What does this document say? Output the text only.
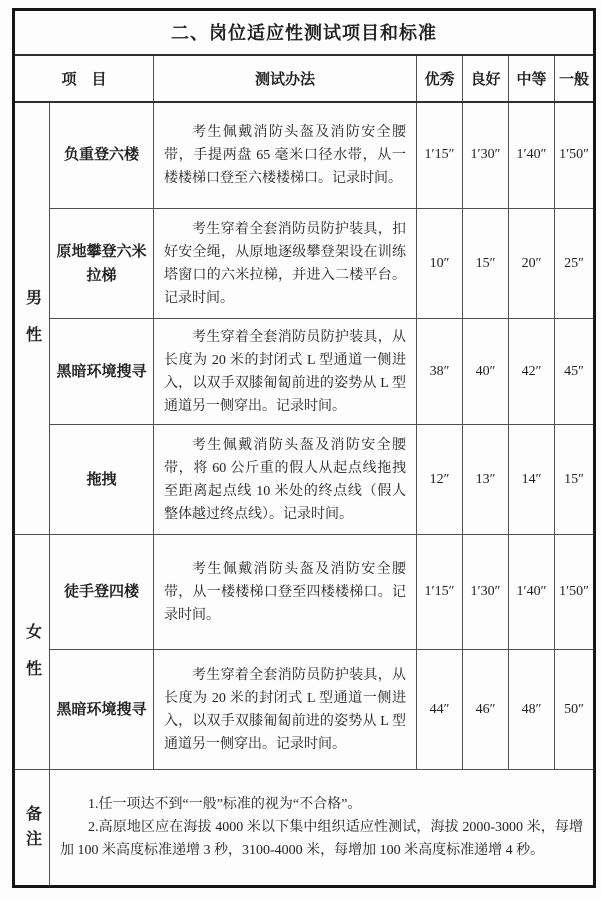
二、岗位适应性测试项目和标准						
项　目		测试办法	优秀	良好	中等	一般
男性	负重登六楼	考生佩戴消防头盔及消防安全腰带，手提两盘 65 毫米口径水带，从一楼楼梯口登至六楼楼梯口。记录时间。	1′15″	1′30″	1′40″	1′50″
	原地攀登六米拉梯	考生穿着全套消防员防护装具，扣好安全绳，从原地逐级攀登架设在训练塔窗口的六米拉梯，并进入二楼平台。记录时间。	10″	15″	20″	25″
	黑暗环境搜寻	考生穿着全套消防员防护装具，从长度为 20 米的封闭式 L 型通道一侧进入，以双手双膝匍匐前进的姿势从 L 型通道另一侧穿出。记录时间。	38″	40″	42″	45″
	拖拽	考生佩戴消防头盔及消防安全腰带，将 60 公斤重的假人从起点线拖拽至距离起点线 10 米处的终点线（假人整体越过终点线）。记录时间。	12″	13″	14″	15″
女性	徒手登四楼	考生佩戴消防头盔及消防安全腰带，从一楼楼梯口登至四楼楼梯口。记录时间。	1′15″	1′30″	1′40″	1′50″
	黑暗环境搜寻	考生穿着全套消防员防护装具，从长度为 20 米的封闭式 L 型通道一侧进入，以双手双膝匍匐前进的姿势从 L 型通道另一侧穿出。记录时间。	44″	46″	48″	50″
备注	1.任一项达不到“一般”标准的视为“不合格”。

2.高原地区应在海拔 4000 米以下集中组织适应性测试，海拔 2000-3000 米，每增加 100 米高度标准递增 3 秒，3100-4000 米，每增加 100 米高度标准递增 4 秒。					
